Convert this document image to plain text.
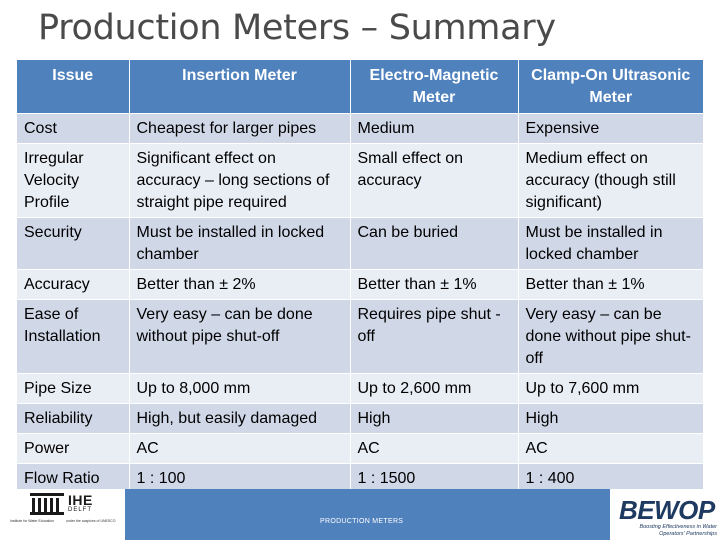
Production Meters – Summary
Issue	Insertion Meter	Electro-Magnetic Meter	Clamp-On Ultrasonic Meter
Cost	Cheapest for larger pipes	Medium	Expensive
Irregular Velocity Profile	Significant effect on accuracy – long sections of straight pipe required	Small effect on accuracy	Medium effect on accuracy (though still significant)
Security	Must be installed in locked chamber	Can be buried	Must be installed in locked chamber
Accuracy	Better than ± 2%	Better than ± 1%	Better than ± 1%
Ease of Installation	Very easy – can be done without pipe shut-off	Requires pipe shut -off	Very easy – can be done without pipe shut-off
Pipe Size	Up to 8,000 mm	Up to 2,600 mm	Up to 7,600 mm
Reliability	High, but easily damaged	High	High
Power	AC	AC	AC
Flow Ratio	1 : 100	1 : 1500	1 : 400
IHE
DELFT
Institute for Water Education	under the auspices of UNESCO	PRODUCTION METERS	BEWOP
Boosting Effectiveness in Water Operators' Partnerships
